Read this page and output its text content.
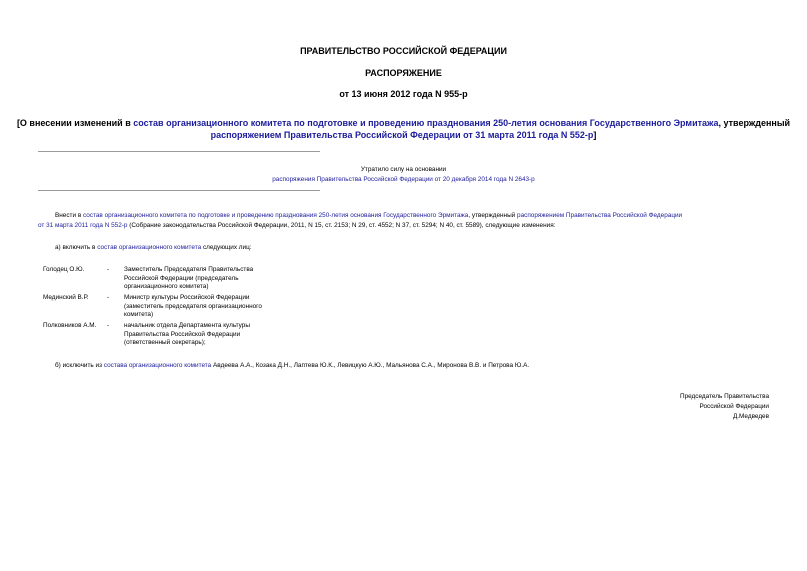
ПРАВИТЕЛЬСТВО РОССИЙСКОЙ ФЕДЕРАЦИИ
РАСПОРЯЖЕНИЕ
от 13 июня 2012 года N 955-р
[О внесении изменений в состав организационного комитета по подготовке и проведению празднования 250-летия основания Государственного Эрмитажа, утвержденный
распоряжением Правительства Российской Федерации от 31 марта 2011 года N 552-р]
Утратило силу на основании
распоряжения Правительства Российской Федерации от 20 декабря 2014 года N 2643-р
Внести в состав организационного комитета по подготовке и проведению празднования 250-летия основания Государственного Эрмитажа, утвержденный распоряжением Правительства Российской Федерации
от 31 марта 2011 года N 552-р (Собрание законодательства Российской Федерации, 2011, N 15, ст. 2153; N 29, ст. 4552; N 37, ст. 5294; N 40, ст. 5589), следующие изменения:
а) включить в состав организационного комитета следующих лиц:
Голодец О.Ю.	- Заместитель Председателя Правительства Российской Федерации (председатель организационного комитета)
Мединский В.Р.	- Министр культуры Российской Федерации (заместитель председателя организационного комитета)
Полковников А.М. - начальник отдела Департамента культуры Правительства Российской Федерации (ответственный секретарь);
б) исключить из состава организационного комитета Авдеева А.А., Козака Д.Н., Лаптева Ю.К., Левицкую А.Ю., Мальянова С.А., Миронова В.В. и Петрова Ю.А.
Председатель Правительства
Российской Федерации
Д.Медведев
